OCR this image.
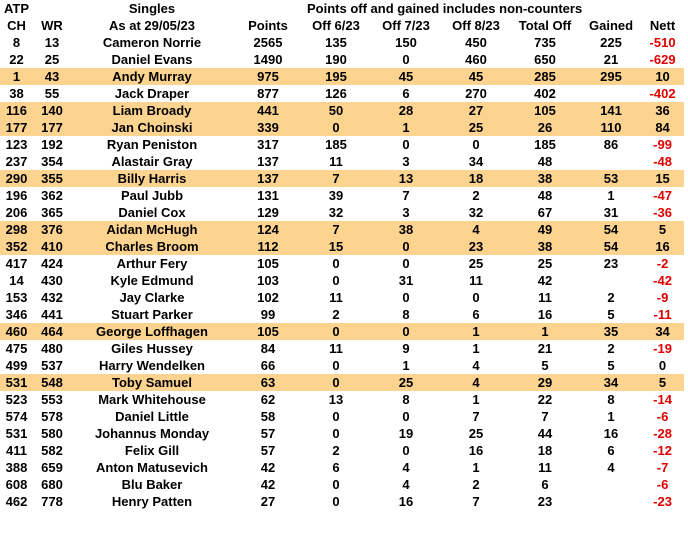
ATP		Singles		Points off and gained includes non-counters					
CH	WR	As at 29/05/23	Points	Off 6/23	Off 7/23	Off 8/23	Total Off	Gained	Nett
8	13	Cameron Norrie	2565	135	150	450	735	225	-510
22	25	Daniel Evans	1490	190	0	460	650	21	-629
1	43	Andy Murray	975	195	45	45	285	295	10
38	55	Jack Draper	877	126	6	270	402		-402
116	140	Liam Broady	441	50	28	27	105	141	36
177	177	Jan Choinski	339	0	1	25	26	110	84
123	192	Ryan Peniston	317	185	0	0	185	86	-99
237	354	Alastair Gray	137	11	3	34	48		-48
290	355	Billy Harris	137	7	13	18	38	53	15
196	362	Paul Jubb	131	39	7	2	48	1	-47
206	365	Daniel Cox	129	32	3	32	67	31	-36
298	376	Aidan McHugh	124	7	38	4	49	54	5
352	410	Charles Broom	112	15	0	23	38	54	16
417	424	Arthur Fery	105	0	0	25	25	23	-2
14	430	Kyle Edmund	103	0	31	11	42		-42
153	432	Jay Clarke	102	11	0	0	11	2	-9
346	441	Stuart Parker	99	2	8	6	16	5	-11
460	464	George Loffhagen	105	0	0	1	1	35	34
475	480	Giles Hussey	84	11	9	1	21	2	-19
499	537	Harry Wendelken	66	0	1	4	5	5	0
531	548	Toby Samuel	63	0	25	4	29	34	5
523	553	Mark Whitehouse	62	13	8	1	22	8	-14
574	578	Daniel Little	58	0	0	7	7	1	-6
531	580	Johannus Monday	57	0	19	25	44	16	-28
411	582	Felix Gill	57	2	0	16	18	6	-12
388	659	Anton Matusevich	42	6	4	1	11	4	-7
608	680	Blu Baker	42	0	4	2	6		-6
462	778	Henry Patten	27	0	16	7	23		-23
